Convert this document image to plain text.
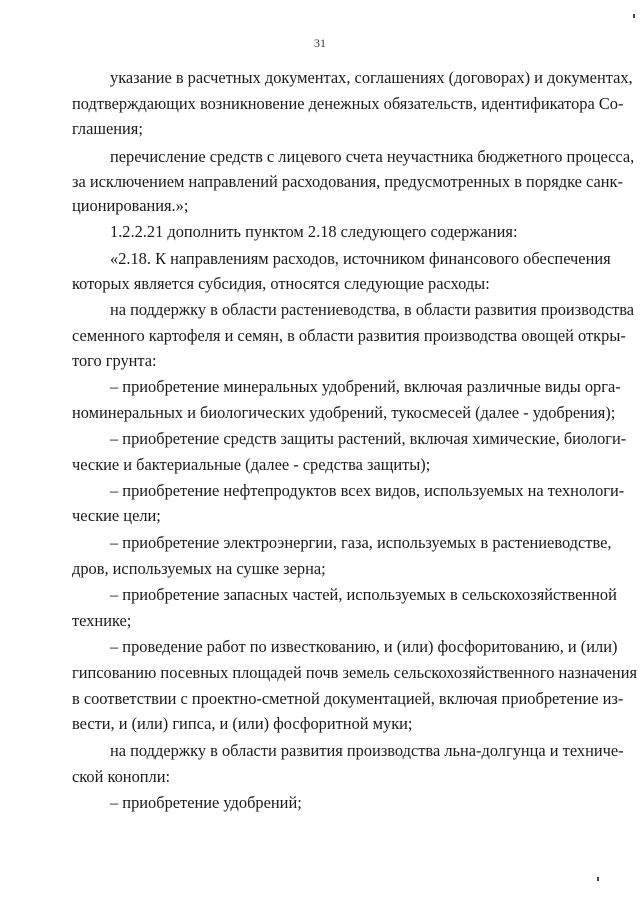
31
указание в расчетных документах, соглашениях (договорах) и документах,
подтверждающих возникновение денежных обязательств, идентификатора Со-
глашения;
перечисление средств с лицевого счета неучастника бюджетного процесса,
за исключением направлений расходования, предусмотренных в порядке санк-
ционирования.»;
1.2.2.21 дополнить пунктом 2.18 следующего содержания:
«2.18. К направлениям расходов, источником финансового обеспечения
которых является субсидия, относятся следующие расходы:
на поддержку в области растениеводства, в области развития производства
семенного картофеля и семян, в области развития производства овощей откры-
того грунта:
– приобретение минеральных удобрений, включая различные виды орга-
номинеральных и биологических удобрений, тукосмесей (далее - удобрения);
– приобретение средств защиты растений, включая химические, биологи-
ческие и бактериальные (далее - средства защиты);
– приобретение нефтепродуктов всех видов, используемых на технологи-
ческие цели;
– приобретение электроэнергии, газа, используемых в растениеводстве,
дров, используемых на сушке зерна;
– приобретение запасных частей, используемых в сельскохозяйственной
технике;
– проведение работ по известкованию, и (или) фосфоритованию, и (или)
гипсованию посевных площадей почв земель сельскохозяйственного назначения
в соответствии с проектно-сметной документацией, включая приобретение из-
вести, и (или) гипса, и (или) фосфоритной муки;
на поддержку в области развития производства льна-долгунца и техниче-
ской конопли:
– приобретение удобрений;
